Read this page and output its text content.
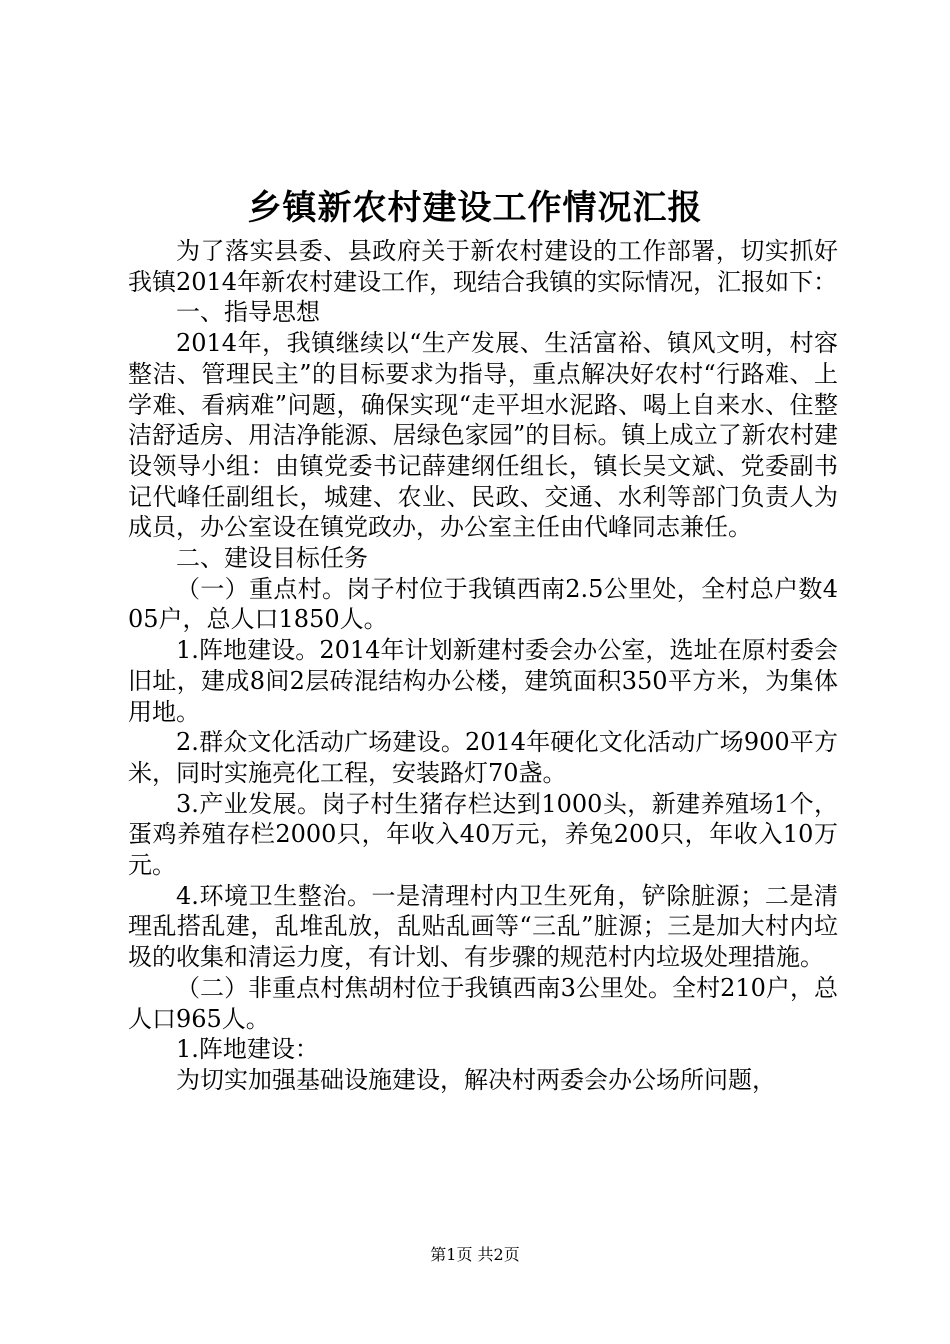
乡镇新农村建设工作情况汇报

为了落实县委、县政府关于新农村建设的工作部署，切实抓好我镇2014年新农村建设工作，现结合我镇的实际情况，汇报如下：

一、指导思想

2014年，我镇继续以“生产发展、生活富裕、镇风文明，村容整洁、管理民主”的目标要求为指导，重点解决好农村“行路难、上学难、看病难”问题，确保实现“走平坦水泥路、喝上自来水、住整洁舒适房、用洁净能源、居绿色家园”的目标。镇上成立了新农村建设领导小组：由镇党委书记薛建纲任组长，镇长吴文斌、党委副书记代峰任副组长，城建、农业、民政、交通、水利等部门负责人为成员，办公室设在镇党政办，办公室主任由代峰同志兼任。

二、建设目标任务

（一）重点村。岗子村位于我镇西南2.5公里处，全村总户数405户，总人口1850人。

1.阵地建设。2014年计划新建村委会办公室，选址在原村委会旧址，建成8间2层砖混结构办公楼，建筑面积350平方米，为集体用地。

2.群众文化活动广场建设。2014年硬化文化活动广场900平方米，同时实施亮化工程，安装路灯70盏。

3.产业发展。岗子村生猪存栏达到1000头，新建养殖场1个，蛋鸡养殖存栏2000只，年收入40万元，养兔200只，年收入10万元。

4.环境卫生整治。一是清理村内卫生死角，铲除脏源；二是清理乱搭乱建，乱堆乱放，乱贴乱画等“三乱”脏源；三是加大村内垃圾的收集和清运力度，有计划、有步骤的规范村内垃圾处理措施。

（二）非重点村焦胡村位于我镇西南3公里处。全村210户，总人口965人。

1.阵地建设：

为切实加强基础设施建设，解决村两委会办公场所问题，

第1页 共2页
